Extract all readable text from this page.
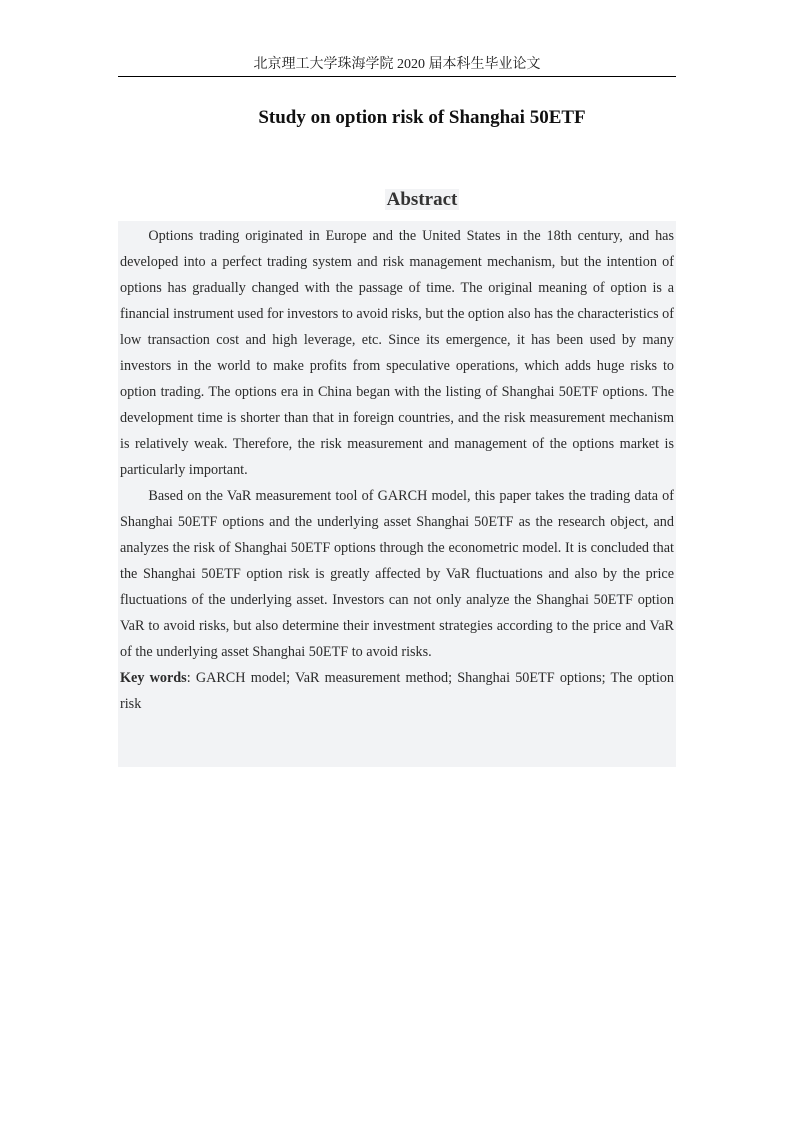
北京理工大学珠海学院 2020 届本科生毕业论文
Study on option risk of Shanghai 50ETF
Abstract

Options trading originated in Europe and the United States in the 18th century, and has developed into a perfect trading system and risk management mechanism, but the intention of options has gradually changed with the passage of time. The original meaning of option is a financial instrument used for investors to avoid risks, but the option also has the characteristics of low transaction cost and high leverage, etc. Since its emergence, it has been used by many investors in the world to make profits from speculative operations, which adds huge risks to option trading. The options era in China began with the listing of Shanghai 50ETF options. The development time is shorter than that in foreign countries, and the risk measurement mechanism is relatively weak. Therefore, the risk measurement and management of the options market is particularly important.

Based on the VaR measurement tool of GARCH model, this paper takes the trading data of Shanghai 50ETF options and the underlying asset Shanghai 50ETF as the research object, and analyzes the risk of Shanghai 50ETF options through the econometric model. It is concluded that the Shanghai 50ETF option risk is greatly affected by VaR fluctuations and also by the price fluctuations of the underlying asset. Investors can not only analyze the Shanghai 50ETF option VaR to avoid risks, but also determine their investment strategies according to the price and VaR of the underlying asset Shanghai 50ETF to avoid risks.

Key words: GARCH model; VaR measurement method; Shanghai 50ETF options; The option risk
